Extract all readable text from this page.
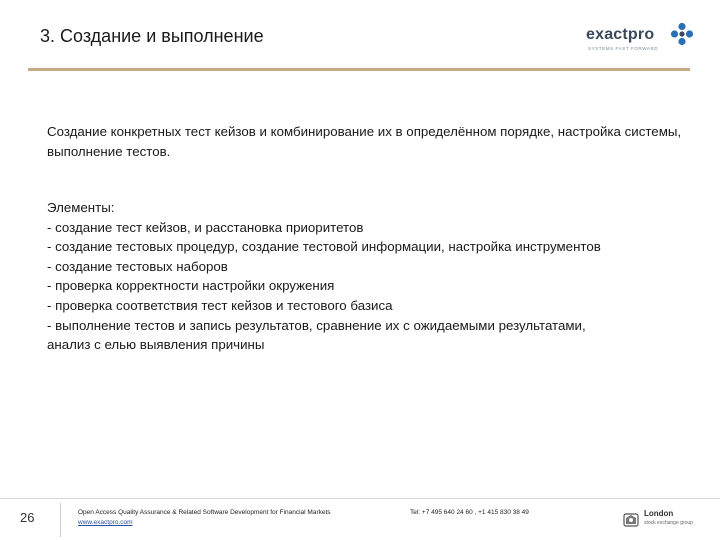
3. Создание и выполнение	exactpro
SYSTEMS FAST FORWARD
Создание конкретных тест кейзов и комбинирование их в определённом порядке, настройка системы, выполнение тестов.
Элементы:
- создание тест кейзов, и расстановка приоритетов
- создание тестовых процедур, создание тестовой информации, настройка инструментов
- создание тестовых наборов
- проверка корректности настройки окружения
- проверка соответствия тест кейзов и тестового базиса
- выполнение тестов и запись результатов, сравнение их с ожидаемыми результатами, анализ с елью выявления причины
26	Open Access Quality Assurance & Related Software Development for Financial Markets
www.exactpro.com
Tel: +7 495 640 24 60 , +1 415 830 38 49	London
stock exchange group
